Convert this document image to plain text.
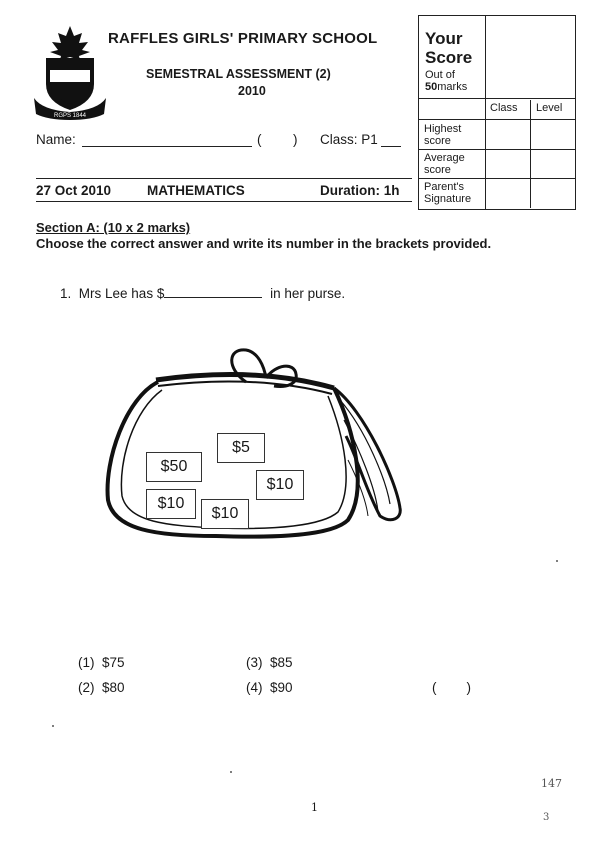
RGPS 1844
RAFFLES GIRLS' PRIMARY SCHOOL
SEMESTRAL ASSESSMENT (2)
2010
Name:	( ) Class: P1
27 Oct 2010	MATHEMATICS	Duration: 1h
Your Score
Out of
50marks
Class Level
Highest score
Average score
Parent's Signature
Section A: (10 x 2 marks)
Choose the correct answer and write its number in the brackets provided.
1. Mrs Lee has $	in her purse.
$50
$5
$10
$10
$10
(1) $75
(2) $80
(3) $85
(4) $90	(        )
1
147
3
